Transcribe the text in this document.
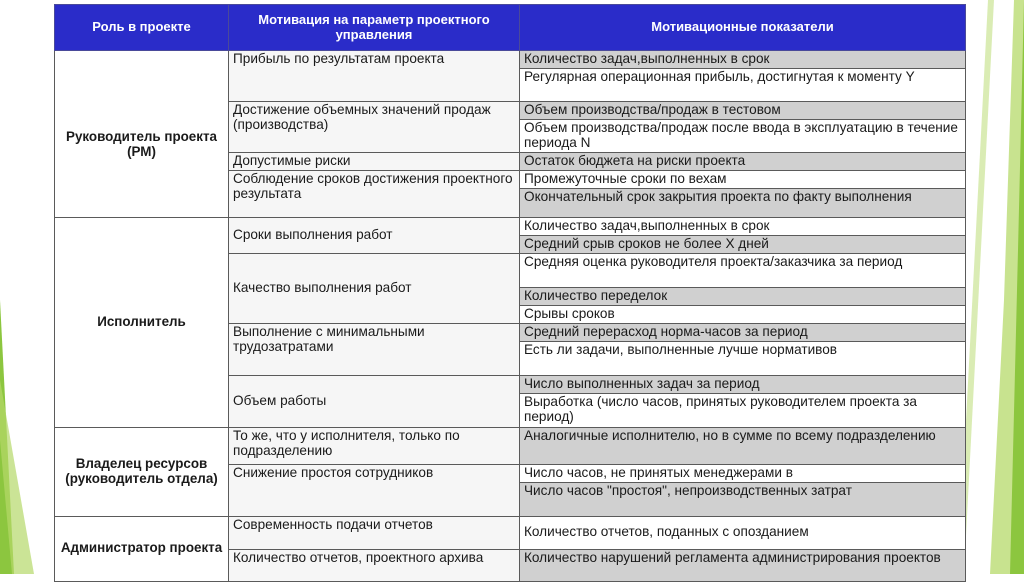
Роль в проекте	Мотивация на параметр проектного управления	Мотивационные показатели
Руководитель проекта (РМ)	Прибыль по результатам проекта	Количество задач,выполненных в срок
		Регулярная операционная прибыль, достигнутая к моменту Y
	Достижение объемных значений продаж (производства)	Объем производства/продаж в тестовом
		Объем производства/продаж после ввода в эксплуатацию в течение периода N
	Допустимые риски	Остаток бюджета на риски проекта
	Соблюдение сроков достижения проектного результата	Промежуточные сроки по вехам
		Окончательный срок закрытия проекта по факту выполнения

Исполнитель	Сроки выполнения работ	Количество задач,выполненных в срок
		Средний срыв сроков не более X дней
	Качество выполнения работ	Средняя оценка руководителя проекта/заказчика за период
		Количество переделок
		Срывы сроков
	Выполнение с минимальными трудозатратами	Средний перерасход норма-часов за период
		Есть ли задачи, выполненные лучше нормативов
	Объем работы	Число выполненных задач за период
		Выработка (число часов, принятых руководителем проекта за период)
Владелец ресурсов (руководитель отдела)	То же, что у исполнителя, только по подразделению	Аналогичные исполнителю, но в сумме по всему подразделению
	Снижение простоя сотрудников	Число часов, не принятых менеджерами в
		Число часов "простоя", непроизводственных затрат
Администратор проекта	Современность подачи отчетов	Количество отчетов, поданных с опозданием
	Количество отчетов, проектного архива	Количество нарушений регламента администрирования проектов
